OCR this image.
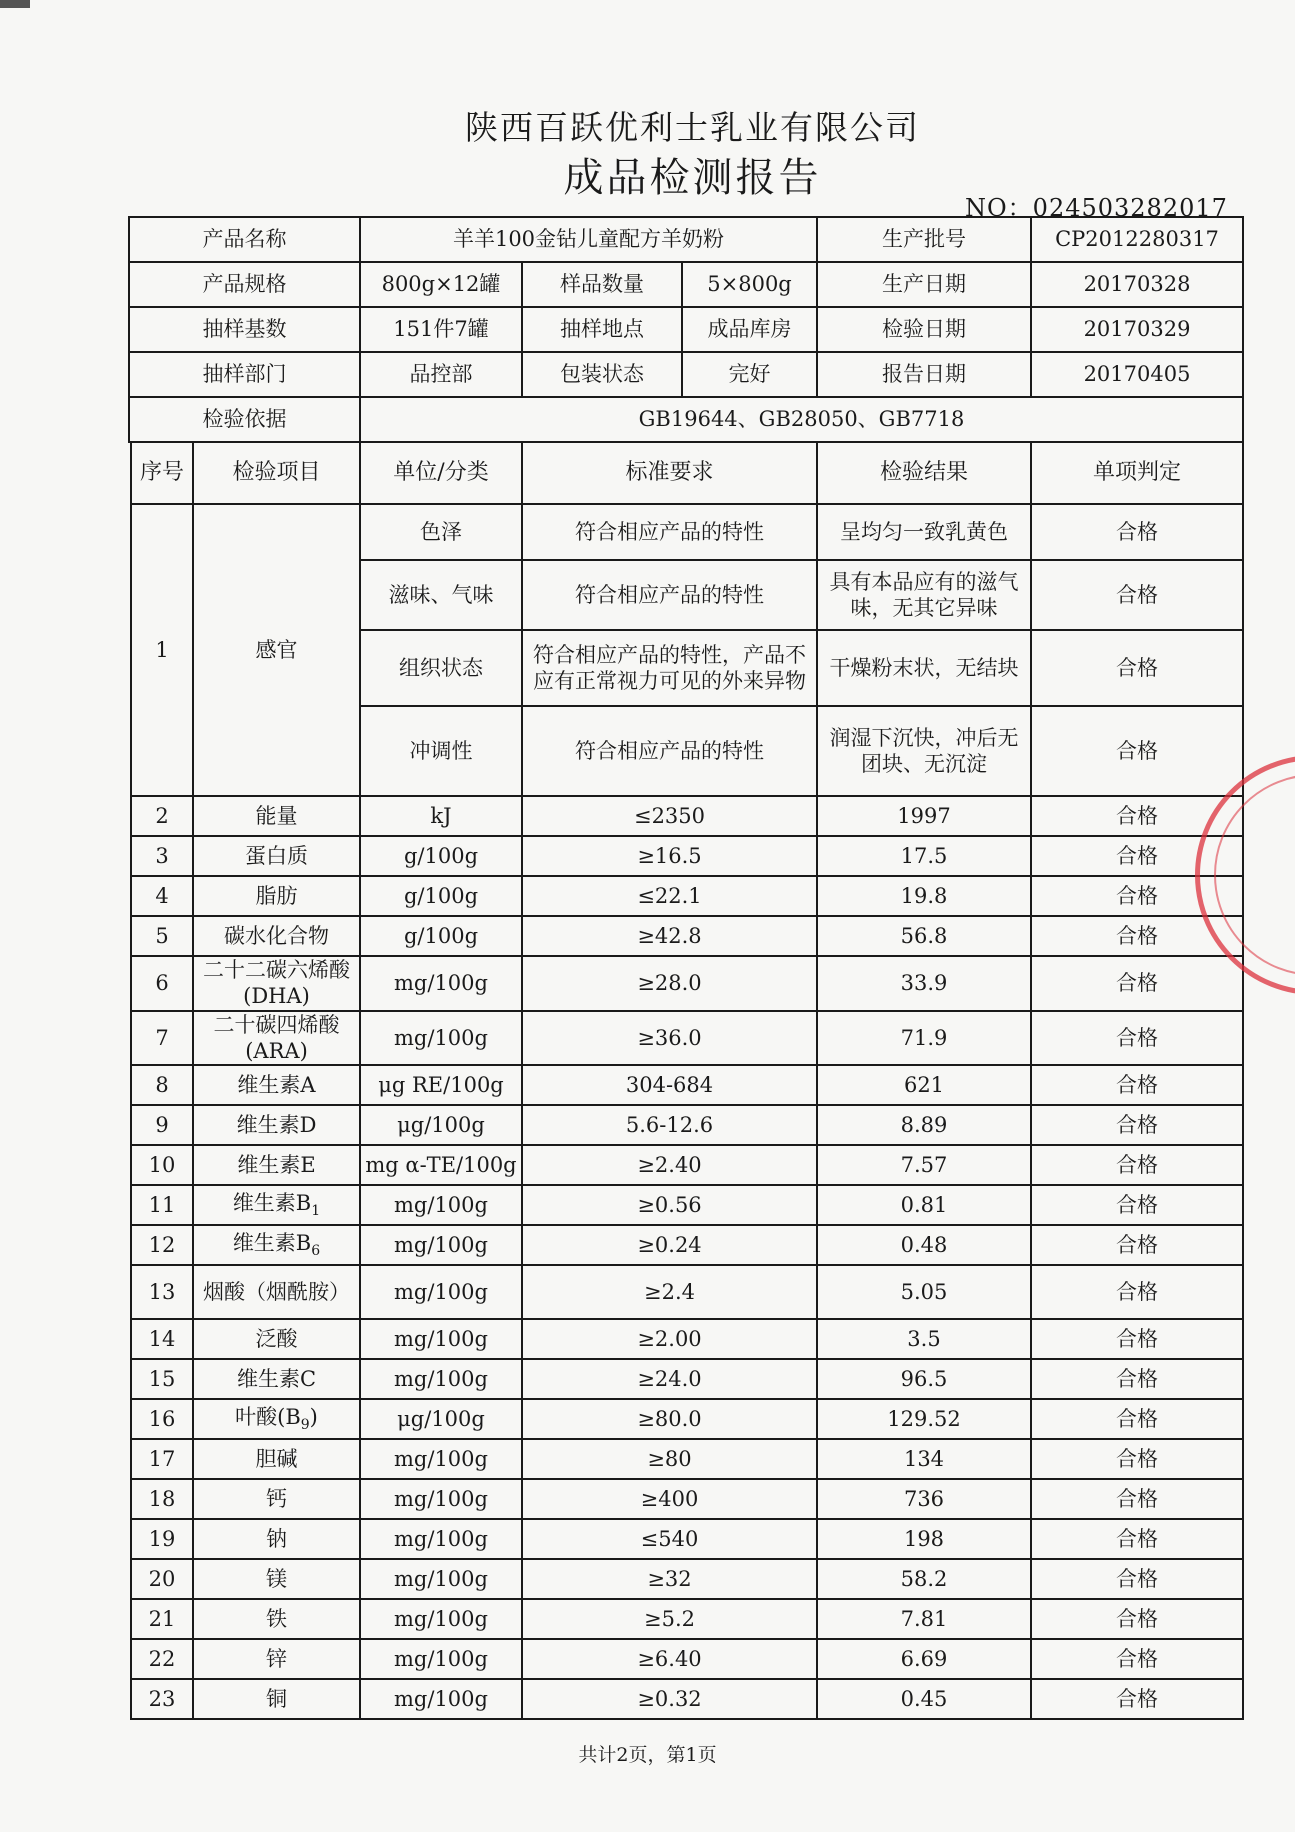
陕西百跃优利士乳业有限公司
成品检测报告
NO：024503282017
产品名称	羊羊100金钻儿童配方羊奶粉			生产批号	CP2012280317
产品规格	800g×12罐	样品数量	5×800g	生产日期	20170328
抽样基数	151件7罐	抽样地点	成品库房	检验日期	20170329
抽样部门	品控部	包装状态	完好	报告日期	20170405
检验依据	GB19644、GB28050、GB7718				
序号	检验项目	单位/分类	标准要求	检验结果	单项判定
1	感官	色泽	符合相应产品的特性	呈均匀一致乳黄色	合格
		滋味、气味	符合相应产品的特性	具有本品应有的滋气味，无其它异味	合格
		组织状态	符合相应产品的特性，产品不应有正常视力可见的外来异物	干燥粉末状，无结块	合格
		冲调性	符合相应产品的特性	润湿下沉快，冲后无团块、无沉淀	合格
2	能量	kJ	≤2350	1997	合格
3	蛋白质	g/100g	≥16.5	17.5	合格
4	脂肪	g/100g	≤22.1	19.8	合格
5	碳水化合物	g/100g	≥42.8	56.8	合格
6	二十二碳六烯酸(DHA)	mg/100g	≥28.0	33.9	合格
7	二十碳四烯酸(ARA)	mg/100g	≥36.0	71.9	合格
8	维生素A	μg RE/100g	304-684	621	合格
9	维生素D	μg/100g	5.6-12.6	8.89	合格
10	维生素E	mg α-TE/100g	≥2.40	7.57	合格
11	维生素$B_1$	mg/100g	≥0.56	0.81	合格
12	维生素$B_6$	mg/100g	≥0.24	0.48	合格
13	烟酸（烟酰胺）	mg/100g	≥2.4	5.05	合格
14	泛酸	mg/100g	≥2.00	3.5	合格
15	维生素C	mg/100g	≥24.0	96.5	合格
16	叶酸$(B_9)$	μg/100g	≥80.0	129.52	合格
17	胆碱	mg/100g	≥80	134	合格
18	钙	mg/100g	≥400	736	合格
19	钠	mg/100g	≤540	198	合格
20	镁	mg/100g	≥32	58.2	合格
21	铁	mg/100g	≥5.2	7.81	合格
22	锌	mg/100g	≥6.40	6.69	合格
23	铜	mg/100g	≥0.32	0.45	合格
共计2页，第1页
